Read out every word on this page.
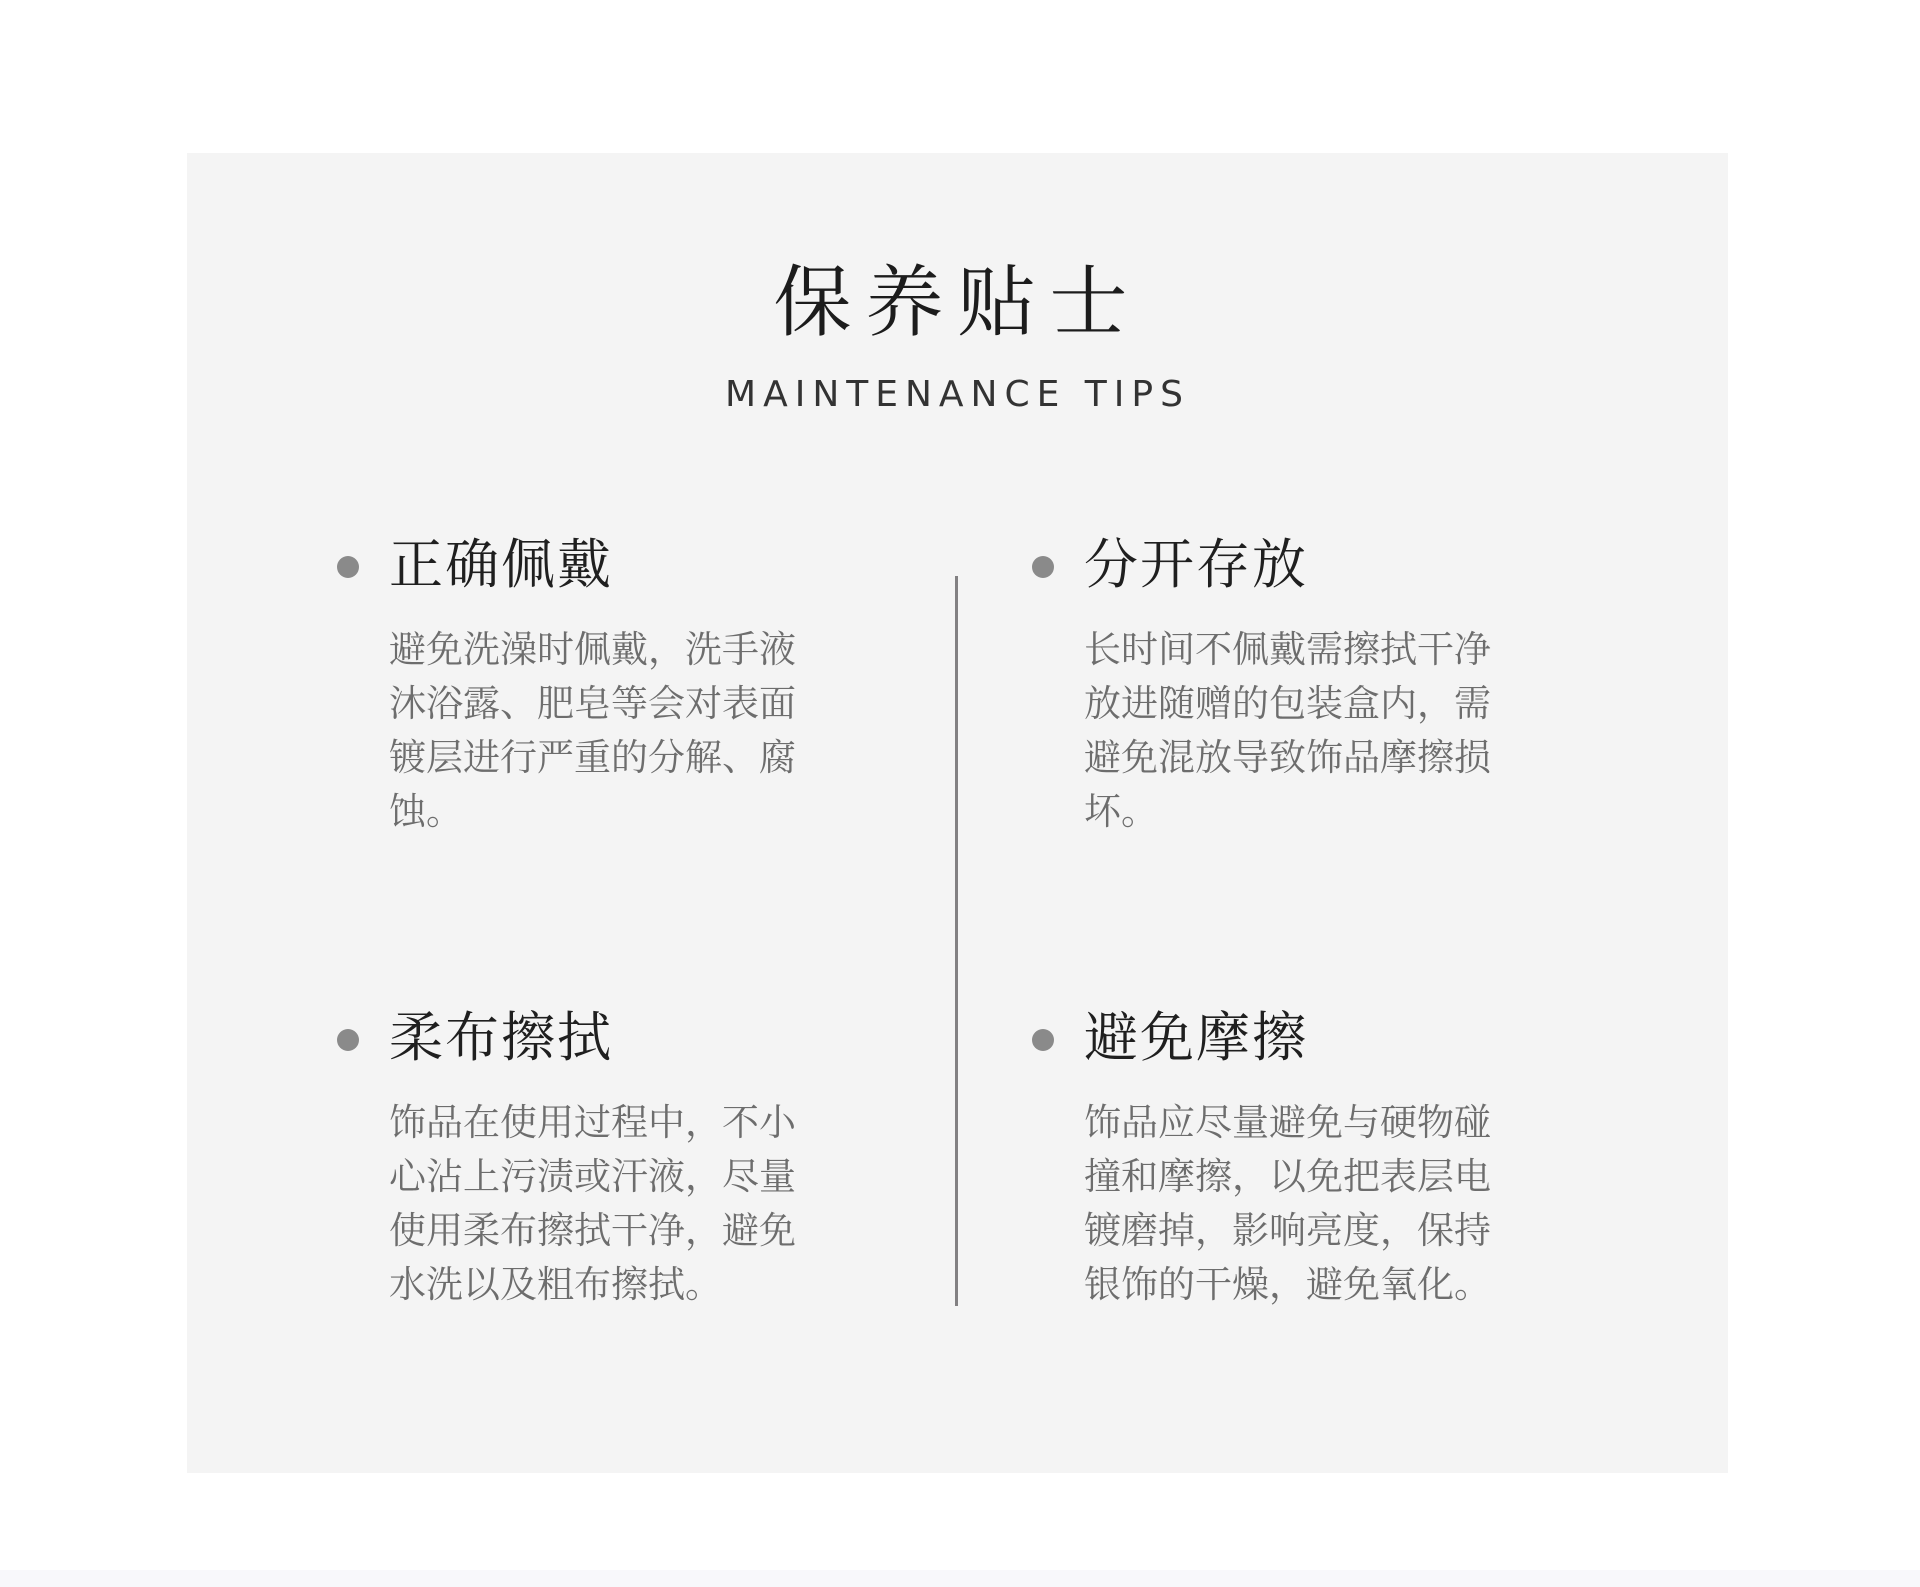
保养贴士

MAINTENANCE TIPS

正确佩戴
避免洗澡时佩戴，洗手液沐浴露、肥皂等会对表面镀层进行严重的分解、腐蚀。
分开存放
长时间不佩戴需擦拭干净放进随赠的包装盒内，需避免混放导致饰品摩擦损坏。
柔布擦拭
饰品在使用过程中，不小心沾上污渍或汗液，尽量使用柔布擦拭干净，避免水洗以及粗布擦拭。
避免摩擦
饰品应尽量避免与硬物碰撞和摩擦，以免把表层电镀磨掉，影响亮度，保持银饰的干燥，避免氧化。
